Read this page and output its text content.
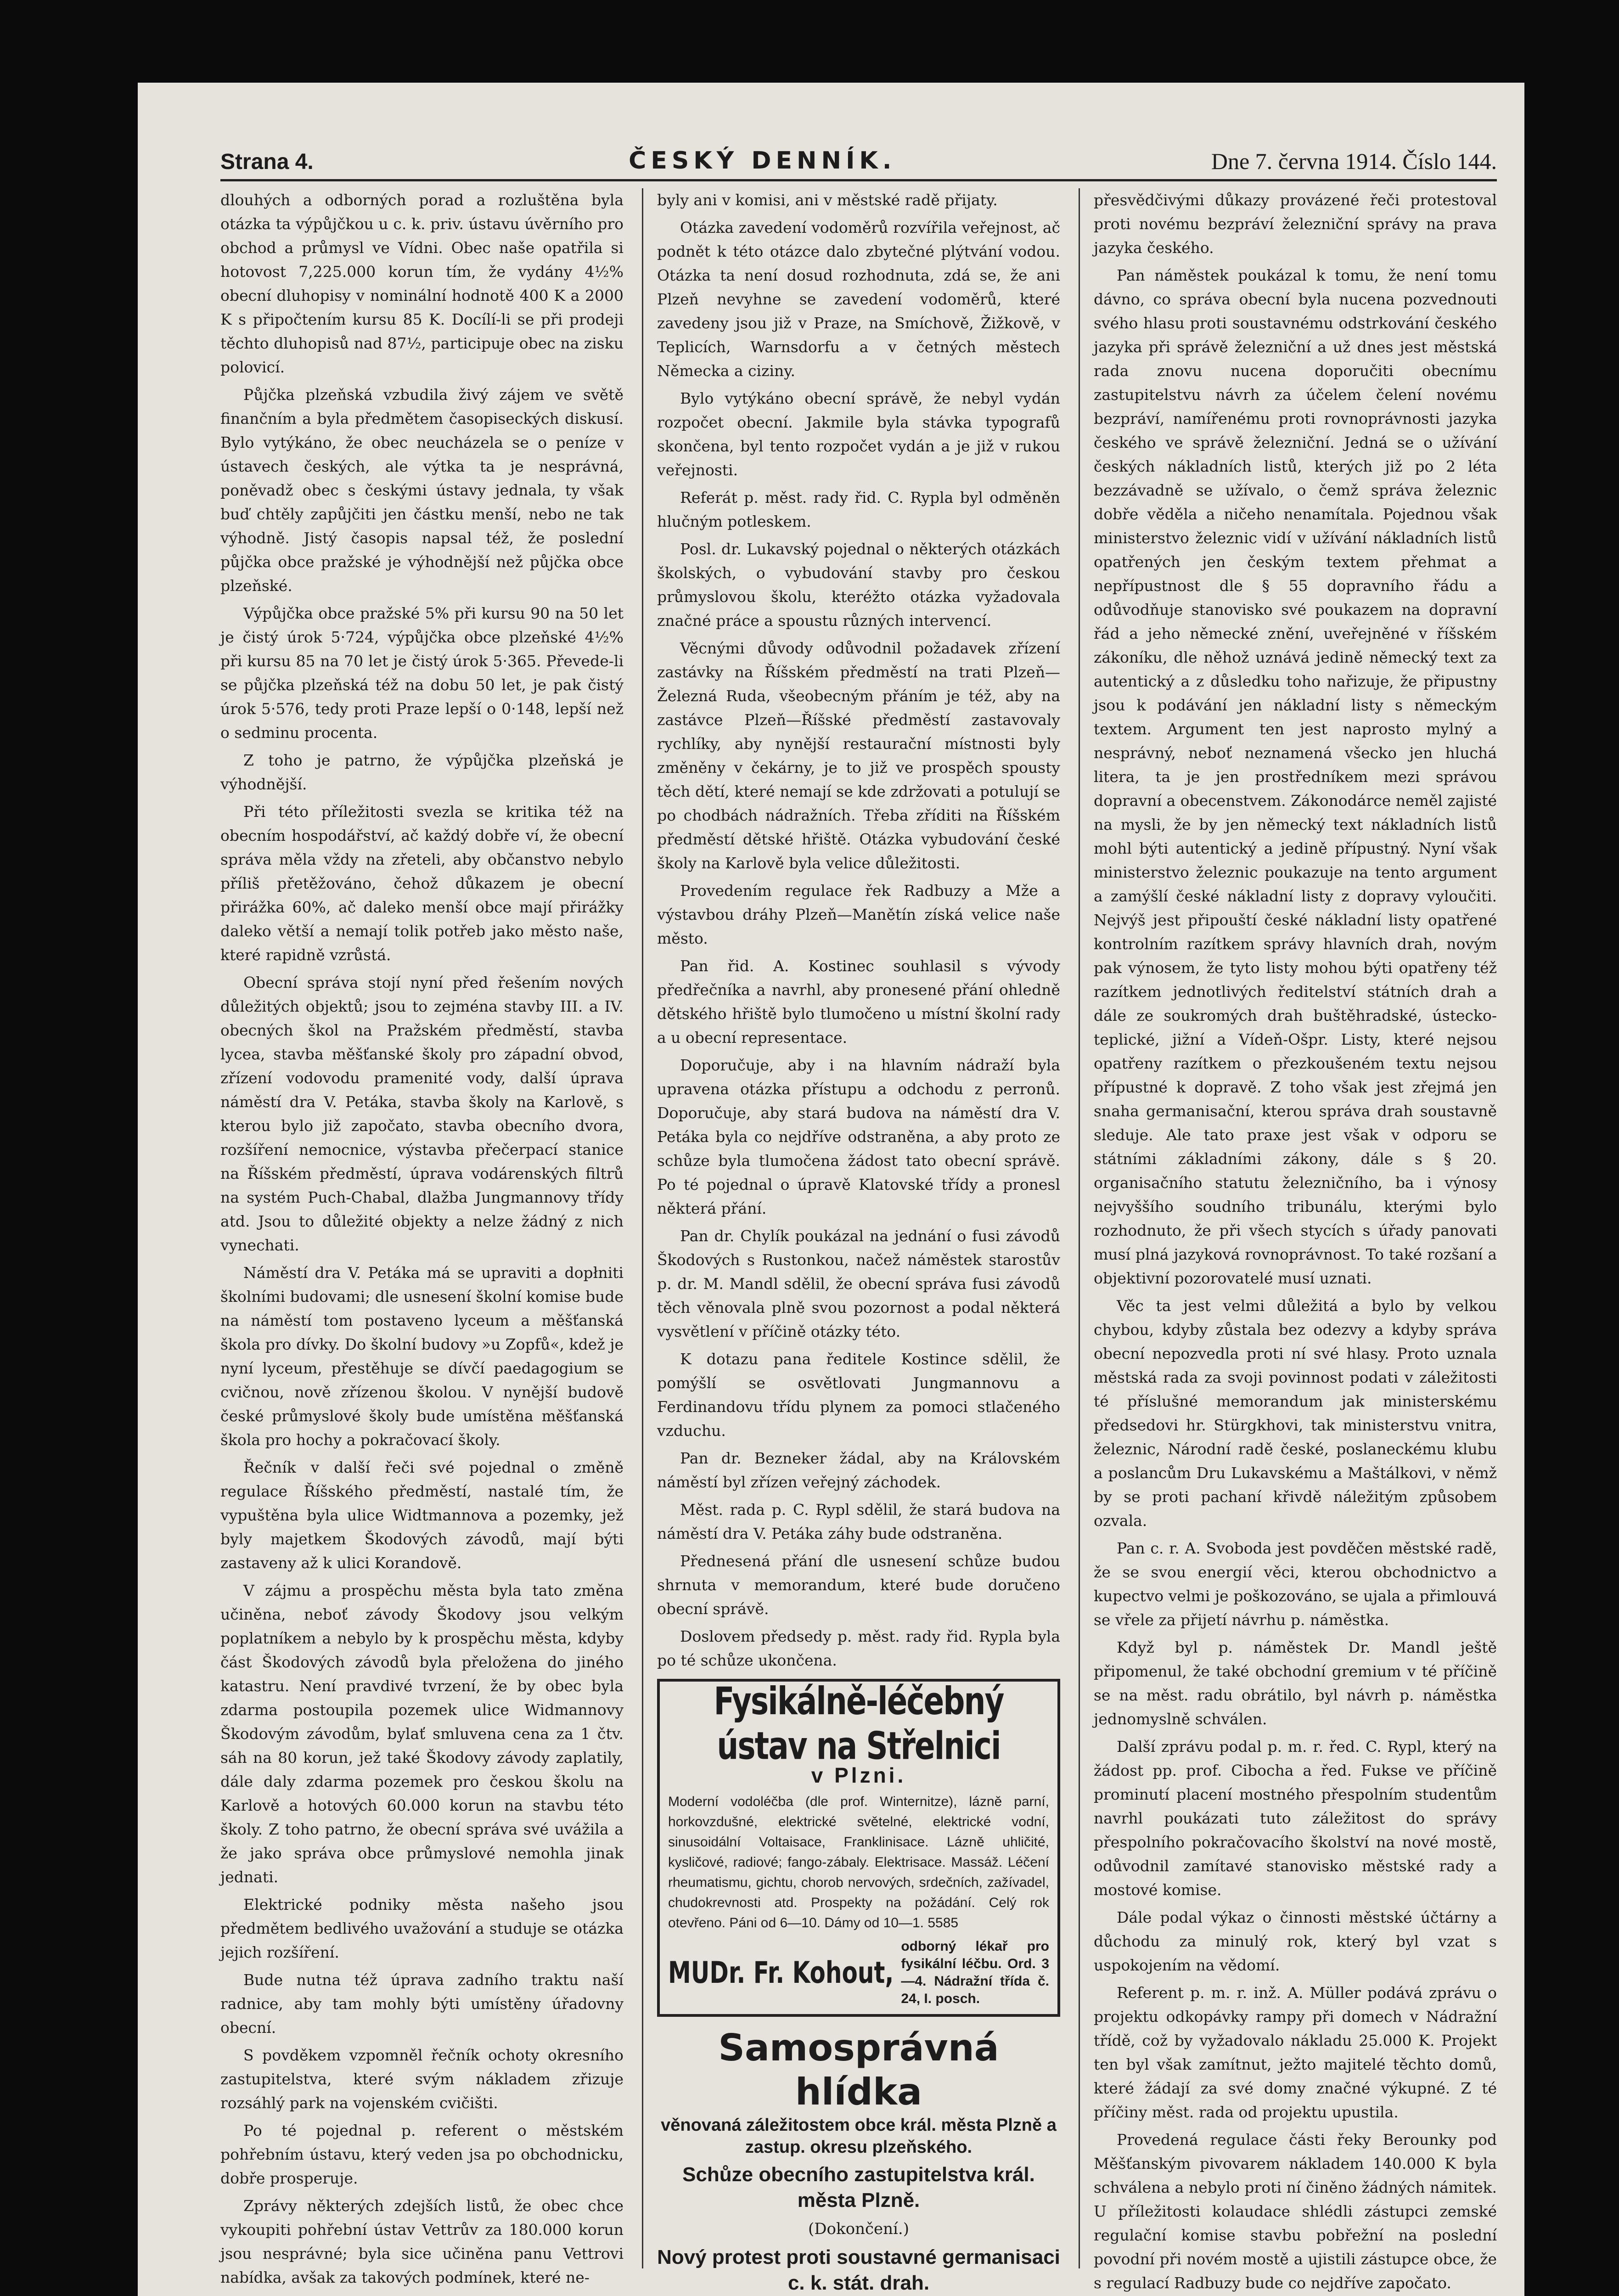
Strana 4.	ČESKÝ DENNÍK.	Dne 7. června 1914. Číslo 144.

dlouhých a odborných porad a rozluštěna byla otázka ta výpůjčkou u c. k. priv. ústavu úvěrního pro obchod a průmysl ve Vídni. Obec naše opatřila si hotovost 7,225.000 korun tím, že vydány 4½% obecní dluhopisy v nominální hodnotě 400 K a 2000 K s připočtením kursu 85 K. Docílí-li se při prodeji těchto dluhopisů nad 87½, participuje obec na zisku polovicí.

Půjčka plzeňská vzbudila živý zájem ve světě finančním a byla předmětem časopiseckých diskusí. Bylo vytýkáno, že obec neucházela se o peníze v ústavech českých, ale výtka ta je nesprávná, poněvadž obec s českými ústavy jednala, ty však buď chtěly zapůjčiti jen částku menší, nebo ne tak výhodně. Jistý časopis napsal též, že poslední půjčka obce pražské je výhodnější než půjčka obce plzeňské.

Výpůjčka obce pražské 5% při kursu 90 na 50 let je čistý úrok 5·724, výpůjčka obce plzeňské 4½% při kursu 85 na 70 let je čistý úrok 5·365. Převede-li se půjčka plzeňská též na dobu 50 let, je pak čistý úrok 5·576, tedy proti Praze lepší o 0·148, lepší než o sedminu procenta.

Z toho je patrno, že výpůjčka plzeňská je výhodnější.

Při této příležitosti svezla se kritika též na obecním hospodářství, ač každý dobře ví, že obecní správa měla vždy na zřeteli, aby občanstvo nebylo příliš přetěžováno, čehož důkazem je obecní přirážka 60%, ač daleko menší obce mají přirážky daleko větší a nemají tolik potřeb jako město naše, které rapidně vzrůstá.

Obecní správa stojí nyní před řešením nových důležitých objektů; jsou to zejména stavby III. a IV. obecných škol na Pražském předměstí, stavba lycea, stavba měšťanské školy pro západní obvod, zřízení vodovodu pramenité vody, další úprava náměstí dra V. Petáka, stavba školy na Karlově, s kterou bylo již započato, stavba obecního dvora, rozšíření nemocnice, výstavba přečerpací stanice na Říšském předměstí, úprava vodárenských filtrů na systém Puch-Chabal, dlažba Jungmannovy třídy atd. Jsou to důležité objekty a nelze žádný z nich vynechati.

Náměstí dra V. Petáka má se upraviti a dopłniti školními budovami; dle usnesení školní komise bude na náměstí tom postaveno lyceum a měšťanská škola pro dívky. Do školní budovy »u Zopfů«, kdež je nyní lyceum, přestěhuje se dívčí paedagogium se cvičnou, nově zřízenou školou. V nynější budově české průmyslové školy bude umístěna měšťanská škola pro hochy a pokračovací školy.

Řečník v další řeči své pojednal o změně regulace Říšského předměstí, nastalé tím, že vypuštěna byla ulice Widtmannova a pozemky, jež byly majetkem Škodových závodů, mají býti zastaveny až k ulici Korandově.

V zájmu a prospěchu města byla tato změna učiněna, neboť závody Škodovy jsou velkým poplatníkem a nebylo by k prospěchu města, kdyby část Škodových závodů byla přeložena do jiného katastru. Není pravdivé tvrzení, že by obec byla zdarma postoupila pozemek ulice Widmannovy Škodovým závodům, bylať smluvena cena za 1 čtv. sáh na 80 korun, jež také Škodovy závody zaplatily, dále daly zdarma pozemek pro českou školu na Karlově a hotových 60.000 korun na stavbu této školy. Z toho patrno, že obecní správa své uvážila a že jako správa obce průmyslové nemohla jinak jednati.

Elektrické podniky města našeho jsou předmětem bedlivého uvažování a studuje se otázka jejich rozšíření.

Bude nutna též úprava zadního traktu naší radnice, aby tam mohly býti umístěny úřadovny obecní.

S povděkem vzpomněl řečník ochoty okresního zastupitelstva, které svým nákladem zřizuje rozsáhlý park na vojenském cvičišti.

Po té pojednal p. referent o městském pohřebním ústavu, který veden jsa po obchodnicku, dobře prosperuje.

Zprávy některých zdejších listů, že obec chce vykoupiti pohřební ústav Vettrův za 180.000 korun jsou nesprávné; byla sice učiněna panu Vettrovi nabídka, avšak za takových podmínek, které ne-

byly ani v komisi, ani v městské radě přijaty.

Otázka zavedení vodoměrů rozvířila veřejnost, ač podnět k této otázce dalo zbytečné plýtvání vodou. Otázka ta není dosud rozhodnuta, zdá se, že ani Plzeň nevyhne se zavedení vodoměrů, které zavedeny jsou již v Praze, na Smíchově, Žižkově, v Teplicích, Warnsdorfu a v četných městech Německa a ciziny.

Bylo vytýkáno obecní správě, že nebyl vydán rozpočet obecní. Jakmile byla stávka typografů skončena, byl tento rozpočet vydán a je již v rukou veřejnosti.

Referát p. měst. rady řid. C. Rypla byl odměněn hlučným potleskem.

Posl. dr. Lukavský pojednal o některých otázkách školských, o vybudování stavby pro českou průmyslovou školu, kteréžto otázka vyžadovala značné práce a spoustu různých intervencí.

Věcnými důvody odůvodnil požadavek zřízení zastávky na Říšském předměstí na trati Plzeň—Železná Ruda, všeobecným přáním je též, aby na zastávce Plzeň—Říšské předměstí zastavovaly rychlíky, aby nynější restaurační místnosti byly změněny v čekárny, je to již ve prospěch spousty těch dětí, které nemají se kde zdržovati a potulují se po chodbách nádražních. Třeba zříditi na Říšském předměstí dětské hřiště. Otázka vybudování české školy na Karlově byla velice důležitosti.

Provedením regulace řek Radbuzy a Mže a výstavbou dráhy Plzeň—Manětín získá velice naše město.

Pan řid. A. Kostinec souhlasil s vývody předřečníka a navrhl, aby pronesené přání ohledně dětského hřiště bylo tlumočeno u místní školní rady a u obecní representace.

Doporučuje, aby i na hlavním nádraží byla upravena otázka přístupu a odchodu z perronů. Doporučuje, aby stará budova na náměstí dra V. Petáka byla co nejdříve odstraněna, a aby proto ze schůze byla tlumočena žádost tato obecní správě. Po té pojednal o úpravě Klatovské třídy a pronesl některá přání.

Pan dr. Chylík poukázal na jednání o fusi závodů Škodových s Rustonkou, načež náměstek starostův p. dr. M. Mandl sdělil, že obecní správa fusi závodů těch věnovala plně svou pozornost a podal některá vysvětlení v příčině otázky této.

K dotazu pana ředitele Kostince sdělil, že pomýšlí se osvětlovati Jungmannovu a Ferdinandovu třídu plynem za pomoci stlačeného vzduchu.

Pan dr. Bezneker žádal, aby na Královském náměstí byl zřízen veřejný záchodek.

Měst. rada p. C. Rypl sdělil, že stará budova na náměstí dra V. Petáka záhy bude odstraněna.

Přednesená přání dle usnesení schůze budou shrnuta v memorandum, které bude doručeno obecní správě.

Doslovem předsedy p. měst. rady řid. Rypla byla po té schůze ukončena.

Fysikálně-léčebný ústav na Střelnici
v Plzni.
Moderní vodoléčba (dle prof. Winternitze), lázně parní, horkovzdušné, elektrické světelné, elektrické vodní, sinusoidální Voltaisace, Franklinisace. Lázně uhličité, kysličové, radiové; fango-zábaly. Elektrisace. Massáž. Léčení rheumatismu, gichtu, chorob nervových, srdečních, zažívadel, chudokrevnosti atd. Prospekty na požádání. Celý rok otevřeno. Páni od 6—10. Dámy od 10—1. 5585
MUDr. Fr. Kohout,
odborný lékař pro fysikální léčbu. Ord. 3—4. Nádražní třída č. 24, I. posch.
Samosprávná hlídka
věnovaná záležitostem obce král. města Plzně a zastup. okresu plzeňského.
Schůze obecního zastupitelstva král. města Plzně.
(Dokončení.)
Nový protest proti soustavné germanisaci c. k. stát. drah.

přesvědčivými důkazy provázené řeči protestoval proti novému bezpráví železniční správy na prava jazyka českého.

Pan náměstek poukázal k tomu, že není tomu dávno, co správa obecní byla nucena pozvednouti svého hlasu proti soustavnému odstrkování českého jazyka při správě železniční a už dnes jest městská rada znovu nucena doporučiti obecnímu zastupitelstvu návrh za účelem čelení novému bezpráví, namířenému proti rovnoprávnosti jazyka českého ve správě železniční. Jedná se o užívání českých nákladních listů, kterých již po 2 léta bezzávadně se užívalo, o čemž správa železnic dobře věděla a ničeho nenamítala. Pojednou však ministerstvo železnic vidí v užívání nákladních listů opatřených jen českým textem přehmat a nepřípustnost dle § 55 dopravního řádu a odůvodňuje stanovisko své poukazem na dopravní řád a jeho německé znění, uveřejněné v říšském zákoníku, dle něhož uznává jedině německý text za autentický a z důsledku toho nařizuje, že připustny jsou k podávání jen nákladní listy s německým textem. Argument ten jest naprosto mylný a nesprávný, neboť neznamená všecko jen hluchá litera, ta je jen prostředníkem mezi správou dopravní a obecenstvem. Zákonodárce neměl zajisté na mysli, že by jen německý text nákladních listů mohl býti autentický a jedině přípustný. Nyní však ministerstvo železnic poukazuje na tento argument a zamýšlí české nákladní listy z dopravy vyloučiti. Nejvýš jest připouští české nákladní listy opatřené kontrolním razítkem správy hlavních drah, novým pak výnosem, že tyto listy mohou býti opatřeny též razítkem jednotlivých ředitelství státních drah a dále ze soukromých drah buštěhradské, ústecko-teplické, jižní a Vídeň-Ošpr. Listy, které nejsou opatřeny razítkem o přezkoušeném textu nejsou přípustné k dopravě. Z toho však jest zřejmá jen snaha germanisační, kterou správa drah soustavně sleduje. Ale tato praxe jest však v odporu se státními základními zákony, dále s § 20. organisačního statutu železničního, ba i výnosy nejvyššího soudního tribunálu, kterými bylo rozhodnuto, že při všech stycích s úřady panovati musí plná jazyková rovnoprávnost. To také rozšaní a objektivní pozorovatelé musí uznati.

Věc ta jest velmi důležitá a bylo by velkou chybou, kdyby zůstala bez odezvy a kdyby správa obecní nepozvedla proti ní své hlasy. Proto uznala městská rada za svoji povinnost podati v záležitosti té příslušné memorandum jak ministerskému předsedovi hr. Stürgkhovi, tak ministerstvu vnitra, železnic, Národní radě české, poslaneckému klubu a poslancům Dru Lukavskému a Maštálkovi, v němž by se proti pachaní křivdě náležitým způsobem ozvala.

Pan c. r. A. Svoboda jest povděčen městské radě, že se svou energií věci, kterou obchodnictvo a kupectvo velmi je poškozováno, se ujala a přimlouvá se vřele za přijetí návrhu p. náměstka.

Když byl p. náměstek Dr. Mandl ještě připomenul, že také obchodní gremium v té příčině se na měst. radu obrátilo, byl návrh p. náměstka jednomyslně schválen.

Další zprávu podal p. m. r. řed. C. Rypl, který na žádost pp. prof. Cibocha a řed. Fukse ve příčině prominutí placení mostného přespolním studentům navrhl poukázati tuto záležitost do správy přespolního pokračovacího školství na nové mostě, odůvodnil zamítavé stanovisko městské rady a mostové komise.

Dále podal výkaz o činnosti městské účtárny a důchodu za minulý rok, který byl vzat s uspokojením na vědomí.

Referent p. m. r. inž. A. Müller podává zprávu o projektu odkopávky rampy při domech v Nádražní třídě, což by vyžadovalo nákladu 25.000 K. Projekt ten byl však zamítnut, ježto majitelé těchto domů, které žádají za své domy značné výkupné. Z té příčiny měst. rada od projektu upustila.

Provedená regulace části řeky Berounky pod Měšťanským pivovarem nákladem 140.000 K byla schválena a nebylo proti ní činěno žádných námitek. U příležitosti kolaudace shlédli zástupci zemské regulační komise stavbu pobřežní na poslední povodní při novém mostě a ujistili zástupce obce, že s regulací Radbuzy bude co nejdříve započato.
